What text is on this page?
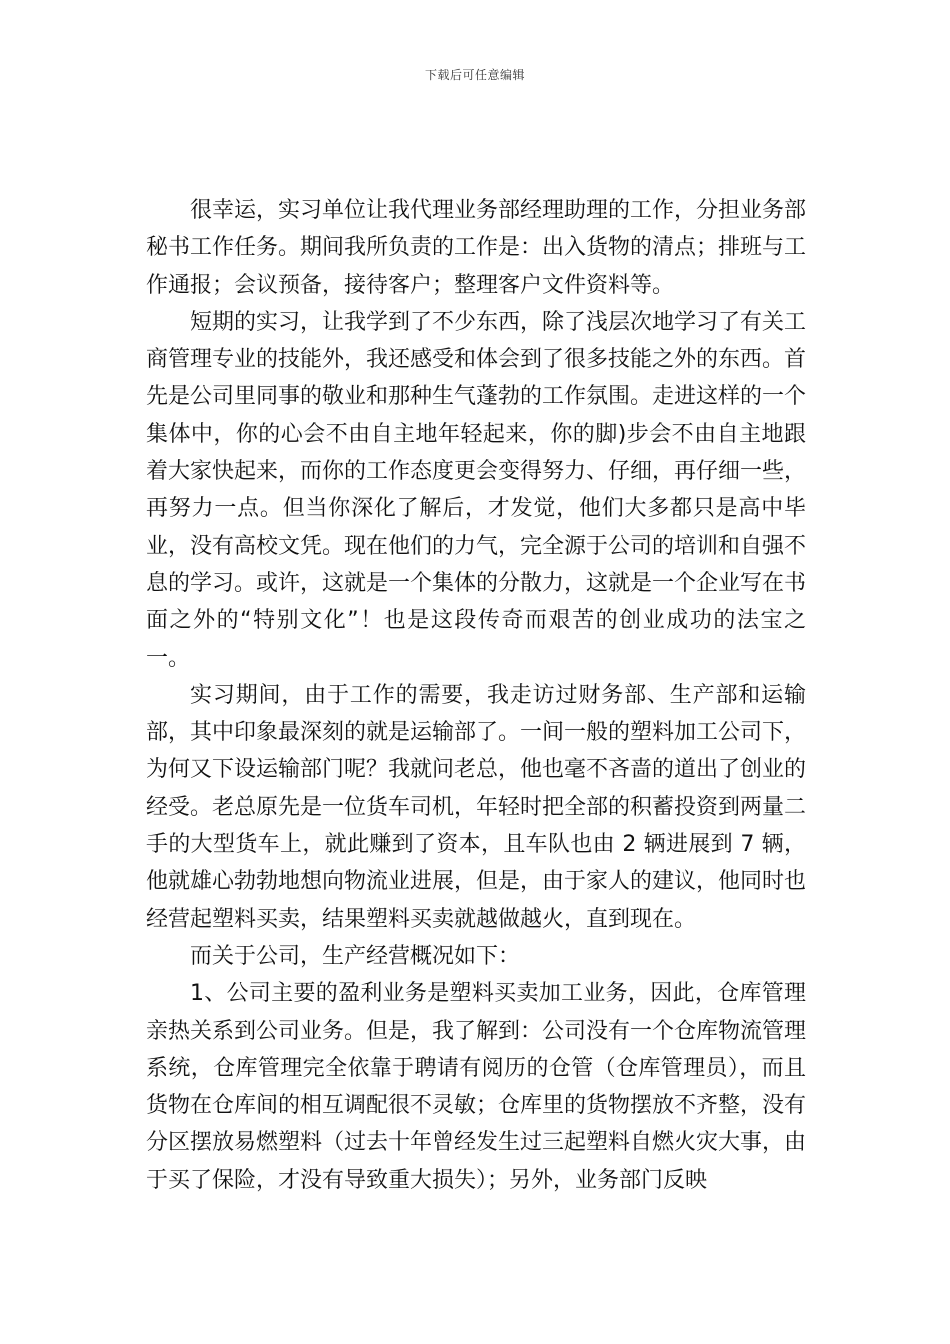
下载后可任意编辑

很幸运，实习单位让我代理业务部经理助理的工作，分担业务部秘书工作任务。期间我所负责的工作是：出入货物的清点；排班与工作通报；会议预备，接待客户；整理客户文件资料等。

短期的实习，让我学到了不少东西，除了浅层次地学习了有关工商管理专业的技能外，我还感受和体会到了很多技能之外的东西。首先是公司里同事的敬业和那种生气蓬勃的工作氛围。走进这样的一个集体中，你的心会不由自主地年轻起来，你的脚)步会不由自主地跟着大家快起来，而你的工作态度更会变得努力、仔细，再仔细一些，再努力一点。但当你深化了解后，才发觉，他们大多都只是高中毕业，没有高校文凭。现在他们的力气，完全源于公司的培训和自强不息的学习。或许，这就是一个集体的分散力，这就是一个企业写在书面之外的“特别文化”！也是这段传奇而艰苦的创业成功的法宝之一。

实习期间，由于工作的需要，我走访过财务部、生产部和运输部，其中印象最深刻的就是运输部了。一间一般的塑料加工公司下，为何又下设运输部门呢？我就问老总，他也毫不吝啬的道出了创业的经受。老总原先是一位货车司机，年轻时把全部的积蓄投资到两量二手的大型货车上，就此赚到了资本，且车队也由 2 辆进展到 7 辆，他就雄心勃勃地想向物流业进展，但是，由于家人的建议，他同时也经营起塑料买卖，结果塑料买卖就越做越火，直到现在。

而关于公司，生产经营概况如下：

1、公司主要的盈利业务是塑料买卖加工业务，因此，仓库管理亲热关系到公司业务。但是，我了解到：公司没有一个仓库物流管理系统，仓库管理完全依靠于聘请有阅历的仓管（仓库管理员），而且货物在仓库间的相互调配很不灵敏；仓库里的货物摆放不齐整，没有分区摆放易燃塑料（过去十年曾经发生过三起塑料自燃火灾大事，由于买了保险，才没有导致重大损失）；另外，业务部门反映
